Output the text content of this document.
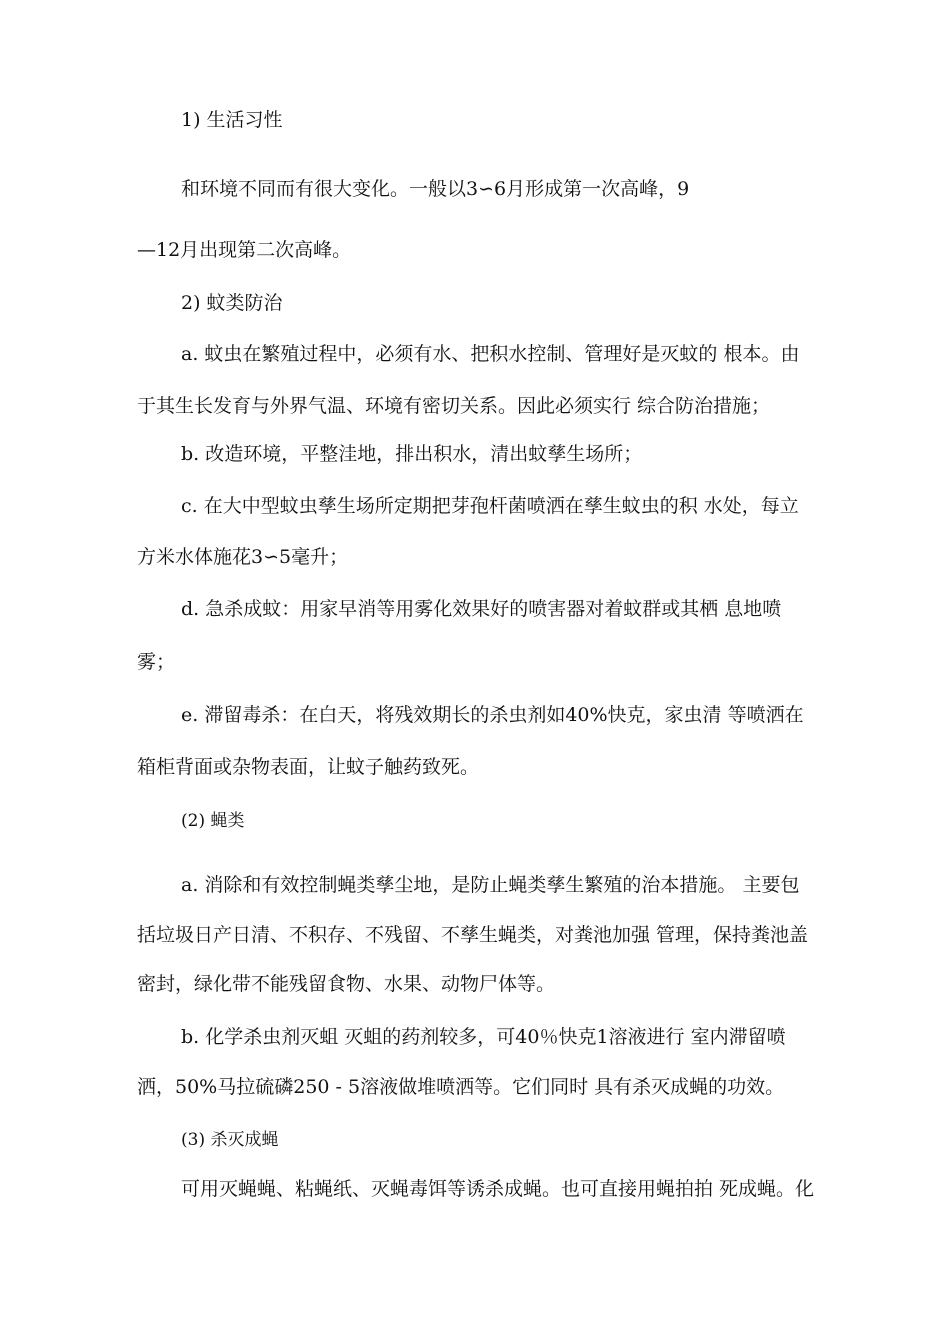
1) 生活习性
和环境不同而有很大变化。一般以3∽6月形成第一次高峰，9
—12月出现第二次高峰。
2) 蚊类防治
a. 蚊虫在繁殖过程中，必须有水、把积水控制、管理好是灭蚊的 根本。由
于其生长发育与外界气温、环境有密切关系。因此必须实行 综合防治措施；
b. 改造环境，平整洼地，排出积水，清出蚊孳生场所；
c. 在大中型蚊虫孳生场所定期把芽孢杆菌喷洒在孳生蚊虫的积 水处，每立
方米水体施花3∽5毫升；
d. 急杀成蚊：用家早消等用雾化效果好的喷害器对着蚊群或其栖 息地喷
雾；
e. 滞留毒杀：在白天，将残效期长的杀虫剂如40%快克，家虫清 等喷洒在
箱柜背面或杂物表面，让蚊子触药致死。
(2) 蝇类
a. 消除和有效控制蝇类孳尘地，是防止蝇类孳生繁殖的治本措施。 主要包
括垃圾日产日清、不积存、不残留、不孳生蝇类，对粪池加强 管理，保持粪池盖
密封，绿化带不能残留食物、水果、动物尸体等。
b. 化学杀虫剂灭蛆 灭蛆的药剂较多，可40％快克1溶液进行 室内滞留喷
洒，50%马拉硫磷250 - 5溶液做堆喷洒等。它们同时 具有杀灭成蝇的功效。
(3) 杀灭成蝇
可用灭蝇蝇、粘蝇纸、灭蝇毒饵等诱杀成蝇。也可直接用蝇拍拍 死成蝇。化
